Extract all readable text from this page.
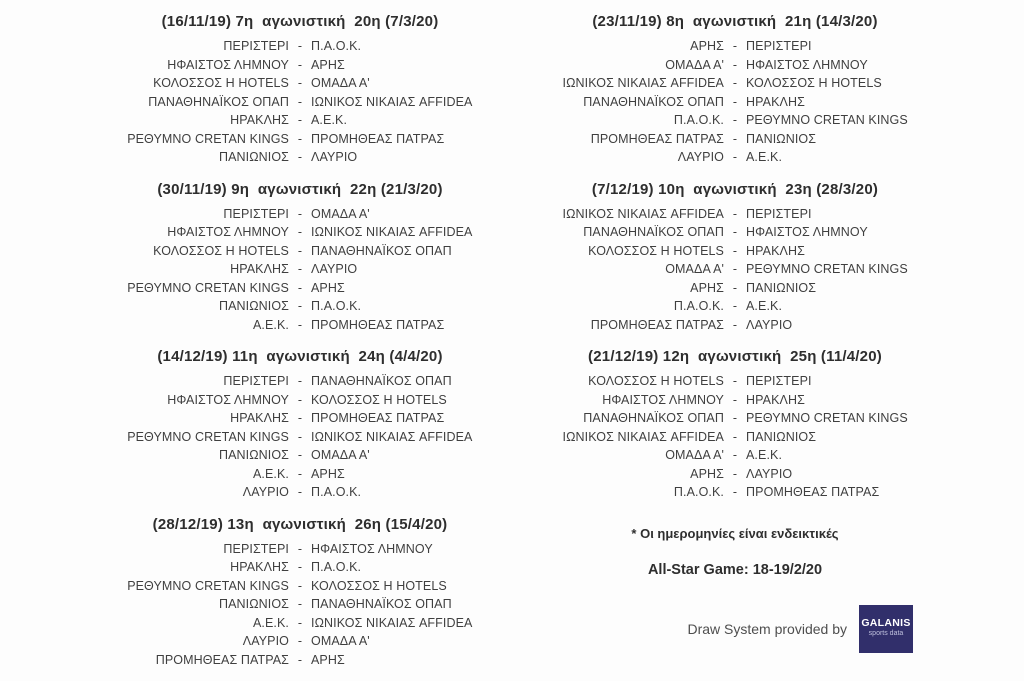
(16/11/19) 7η  αγωνιστική  20η (7/3/20)
ΠΕΡΙΣΤΕΡΙ - Π.Α.Ο.Κ.
ΗΦΑΙΣΤΟΣ ΛΗΜΝΟΥ - ΑΡΗΣ
ΚΟΛΟΣΣΟΣ H HOTELS - ΟΜΑΔΑ Α'
ΠΑΝΑΘΗΝΑΪΚΟΣ ΟΠΑΠ - ΙΩΝΙΚΟΣ ΝΙΚΑΙΑΣ AFFIDEA
ΗΡΑΚΛΗΣ - Α.Ε.Κ.
ΡΕΘΥΜΝΟ CRETAN KINGS - ΠΡΟΜΗΘΕΑΣ ΠΑΤΡΑΣ
ΠΑΝΙΩΝΙΟΣ - ΛΑΥΡΙΟ
(30/11/19) 9η  αγωνιστική  22η (21/3/20)
ΠΕΡΙΣΤΕΡΙ - ΟΜΑΔΑ Α'
ΗΦΑΙΣΤΟΣ ΛΗΜΝΟΥ - ΙΩΝΙΚΟΣ ΝΙΚΑΙΑΣ AFFIDEA
ΚΟΛΟΣΣΟΣ H HOTELS - ΠΑΝΑΘΗΝΑΪΚΟΣ ΟΠΑΠ
ΗΡΑΚΛΗΣ - ΛΑΥΡΙΟ
ΡΕΘΥΜΝΟ CRETAN KINGS - ΑΡΗΣ
ΠΑΝΙΩΝΙΟΣ - Π.Α.Ο.Κ.
Α.Ε.Κ. - ΠΡΟΜΗΘΕΑΣ ΠΑΤΡΑΣ
(14/12/19) 11η  αγωνιστική  24η (4/4/20)
ΠΕΡΙΣΤΕΡΙ - ΠΑΝΑΘΗΝΑΪΚΟΣ ΟΠΑΠ
ΗΦΑΙΣΤΟΣ ΛΗΜΝΟΥ - ΚΟΛΟΣΣΟΣ H HOTELS
ΗΡΑΚΛΗΣ - ΠΡΟΜΗΘΕΑΣ ΠΑΤΡΑΣ
ΡΕΘΥΜΝΟ CRETAN KINGS - ΙΩΝΙΚΟΣ ΝΙΚΑΙΑΣ AFFIDEA
ΠΑΝΙΩΝΙΟΣ - ΟΜΑΔΑ Α'
Α.Ε.Κ. - ΑΡΗΣ
ΛΑΥΡΙΟ - Π.Α.Ο.Κ.
(28/12/19) 13η  αγωνιστική  26η (15/4/20)
ΠΕΡΙΣΤΕΡΙ - ΗΦΑΙΣΤΟΣ ΛΗΜΝΟΥ
ΗΡΑΚΛΗΣ - Π.Α.Ο.Κ.
ΡΕΘΥΜΝΟ CRETAN KINGS - ΚΟΛΟΣΣΟΣ H HOTELS
ΠΑΝΙΩΝΙΟΣ - ΠΑΝΑΘΗΝΑΪΚΟΣ ΟΠΑΠ
Α.Ε.Κ. - ΙΩΝΙΚΟΣ ΝΙΚΑΙΑΣ AFFIDEA
ΛΑΥΡΙΟ - ΟΜΑΔΑ Α'
ΠΡΟΜΗΘΕΑΣ ΠΑΤΡΑΣ - ΑΡΗΣ
(23/11/19) 8η  αγωνιστική  21η (14/3/20)
ΑΡΗΣ - ΠΕΡΙΣΤΕΡΙ
ΟΜΑΔΑ Α' - ΗΦΑΙΣΤΟΣ ΛΗΜΝΟΥ
ΙΩΝΙΚΟΣ ΝΙΚΑΙΑΣ AFFIDEA - ΚΟΛΟΣΣΟΣ H HOTELS
ΠΑΝΑΘΗΝΑΪΚΟΣ ΟΠΑΠ - ΗΡΑΚΛΗΣ
Π.Α.Ο.Κ. - ΡΕΘΥΜΝΟ CRETAN KINGS
ΠΡΟΜΗΘΕΑΣ ΠΑΤΡΑΣ - ΠΑΝΙΩΝΙΟΣ
ΛΑΥΡΙΟ - Α.Ε.Κ.
(7/12/19) 10η  αγωνιστική  23η (28/3/20)
ΙΩΝΙΚΟΣ ΝΙΚΑΙΑΣ AFFIDEA - ΠΕΡΙΣΤΕΡΙ
ΠΑΝΑΘΗΝΑΪΚΟΣ ΟΠΑΠ - ΗΦΑΙΣΤΟΣ ΛΗΜΝΟΥ
ΚΟΛΟΣΣΟΣ H HOTELS - ΗΡΑΚΛΗΣ
ΟΜΑΔΑ Α' - ΡΕΘΥΜΝΟ CRETAN KINGS
ΑΡΗΣ - ΠΑΝΙΩΝΙΟΣ
Π.Α.Ο.Κ. - Α.Ε.Κ.
ΠΡΟΜΗΘΕΑΣ ΠΑΤΡΑΣ - ΛΑΥΡΙΟ
(21/12/19) 12η  αγωνιστική  25η (11/4/20)
ΚΟΛΟΣΣΟΣ H HOTELS - ΠΕΡΙΣΤΕΡΙ
ΗΦΑΙΣΤΟΣ ΛΗΜΝΟΥ - ΗΡΑΚΛΗΣ
ΠΑΝΑΘΗΝΑΪΚΟΣ ΟΠΑΠ - ΡΕΘΥΜΝΟ CRETAN KINGS
ΙΩΝΙΚΟΣ ΝΙΚΑΙΑΣ AFFIDEA - ΠΑΝΙΩΝΙΟΣ
ΟΜΑΔΑ Α' - Α.Ε.Κ.
ΑΡΗΣ - ΛΑΥΡΙΟ
Π.Α.Ο.Κ. - ΠΡΟΜΗΘΕΑΣ ΠΑΤΡΑΣ
* Οι ημερομηνίες είναι ενδεικτικές
All-Star Game: 18-19/2/20
Draw System provided by GALANIS
sports data
